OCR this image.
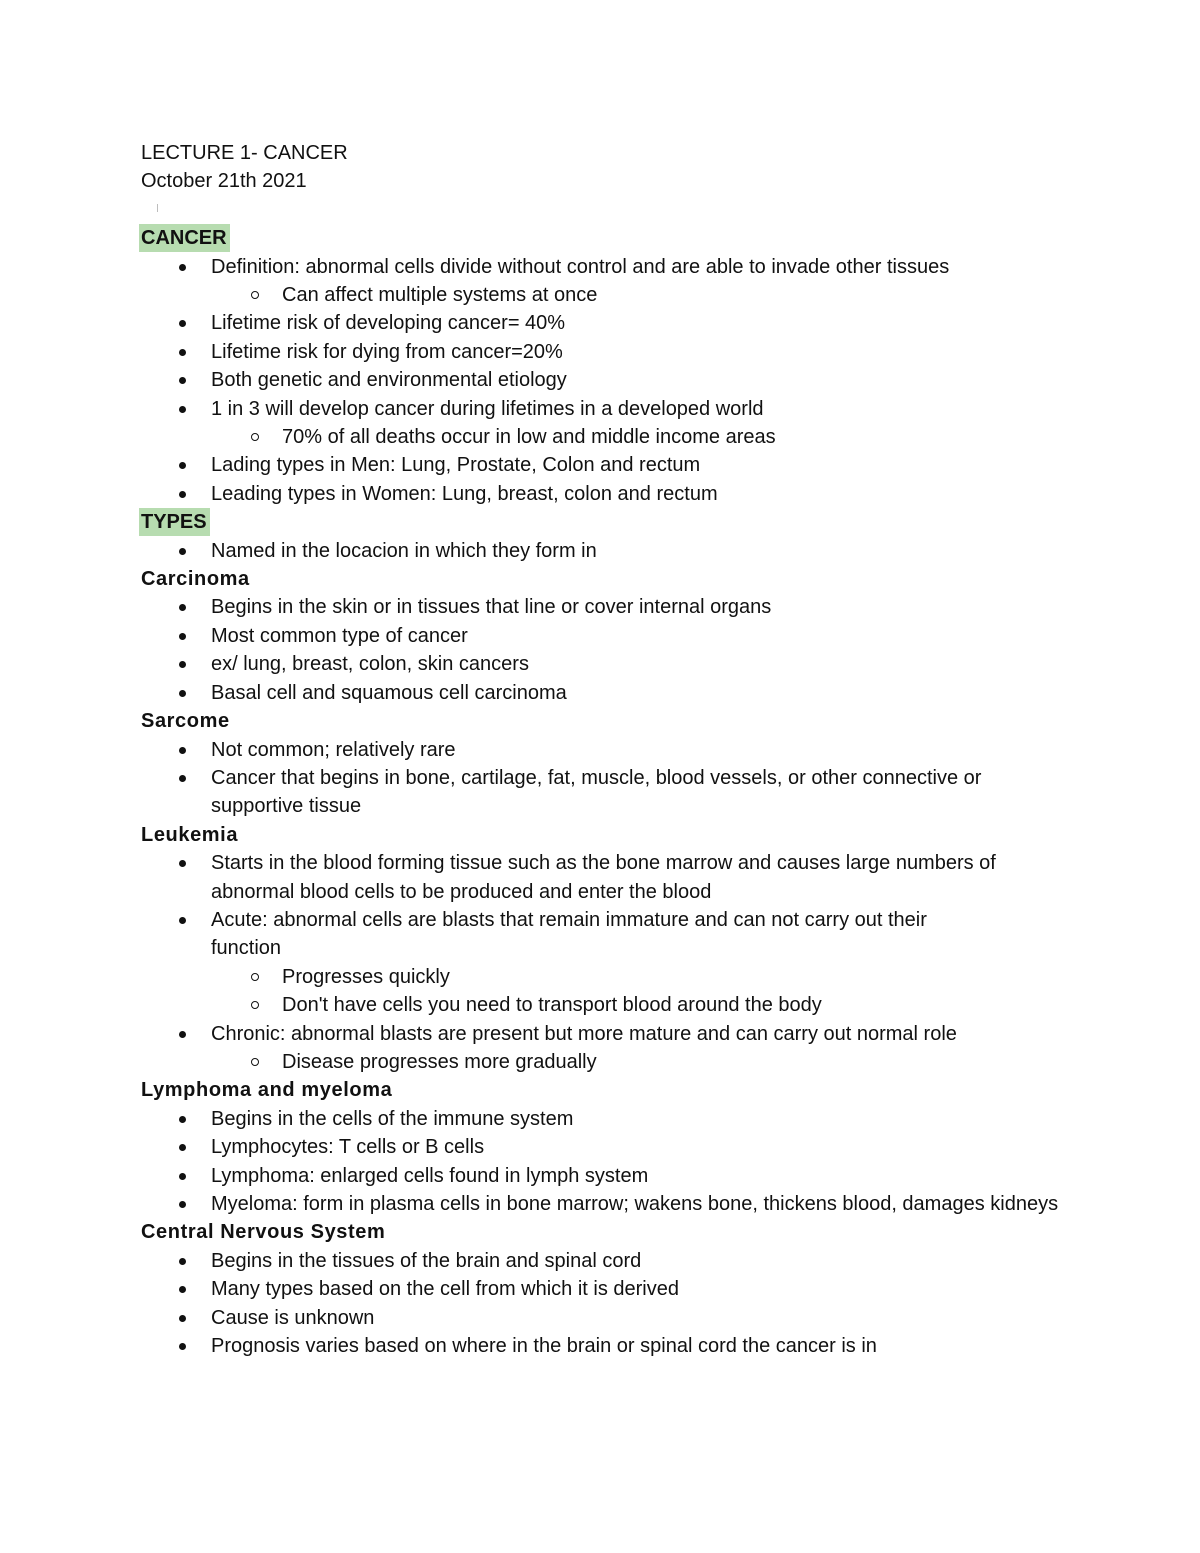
LECTURE 1- CANCER

October 21th 2021

CANCER

Definition: abnormal cells divide without control and are able to invade other tissues
Can affect multiple systems at once
Lifetime risk of developing cancer= 40%
Lifetime risk for dying from cancer=20%
Both genetic and environmental etiology
1 in 3 will develop cancer during lifetimes in a developed world
70% of all deaths occur in low and middle income areas
Lading types in Men: Lung, Prostate, Colon and rectum
Leading types in Women: Lung, breast, colon and rectum

TYPES

Named in the locacion in which they form in

Carcinoma

Begins in the skin or in tissues that line or cover internal organs
Most common type of cancer
ex/ lung, breast, colon, skin cancers
Basal cell and squamous cell carcinoma

Sarcome

Not common; relatively rare
Cancer that begins in bone, cartilage, fat, muscle, blood vessels, or other connective or supportive tissue

Leukemia

Starts in the blood forming tissue such as the bone marrow and causes large numbers of abnormal blood cells to be produced and enter the blood
Acute: abnormal cells are blasts that remain immature and can not carry out their function
Progresses quickly
Don't have cells you need to transport blood around the body
Chronic: abnormal blasts are present but more mature and can carry out normal role
Disease progresses more gradually

Lymphoma and myeloma

Begins in the cells of the immune system
Lymphocytes: T cells or B cells
Lymphoma: enlarged cells found in lymph system
Myeloma: form in plasma cells in bone marrow; wakens bone, thickens blood, damages kidneys

Central Nervous System

Begins in the tissues of the brain and spinal cord
Many types based on the cell from which it is derived
Cause is unknown
Prognosis varies based on where in the brain or spinal cord the cancer is in
